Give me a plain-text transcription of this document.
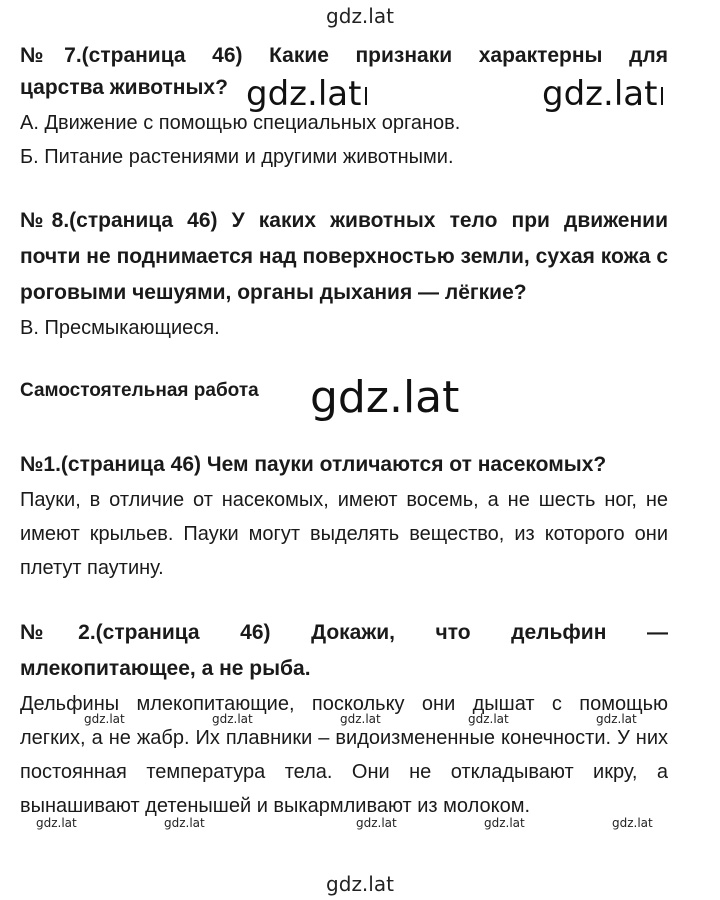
gdz.lat

№7.(страница 46) Какие признаки характерны для

царства животных?

А. Движение с помощью специальных органов.

Б. Питание растениями и другими животными.

gdz.lat	gdz.lat

№8.(страница 46) У каких животных тело при движении почти не поднимается над поверхностью земли, сухая кожа с роговыми чешуями, органы дыхания — лёгкие?

В. Пресмыкающиеся.

Самостоятельная работа	gdz.lat

№1.(страница 46) Чем пауки отличаются от насекомых?

Пауки, в отличие от насекомых, имеют восемь, а не шесть ног, не имеют крыльев. Пауки могут выделять вещество, из которого они плетут паутину.

№2.(страница 46) Докажи, что дельфин —

млекопитающее, а не рыба.

Дельфины млекопитающие, поскольку они дышат с помощью легких, а не жабр. Их плавники – видоизмененные конечности. У них постоянная температура тела. Они не откладывают икру, а вынашивают детенышей и выкармливают из молоком.

gdz.lat	gdz.lat	gdz.lat	gdz.lat	gdz.lat
gdz.lat	gdz.lat	gdz.lat	gdz.lat	gdz.lat
gdz.lat
